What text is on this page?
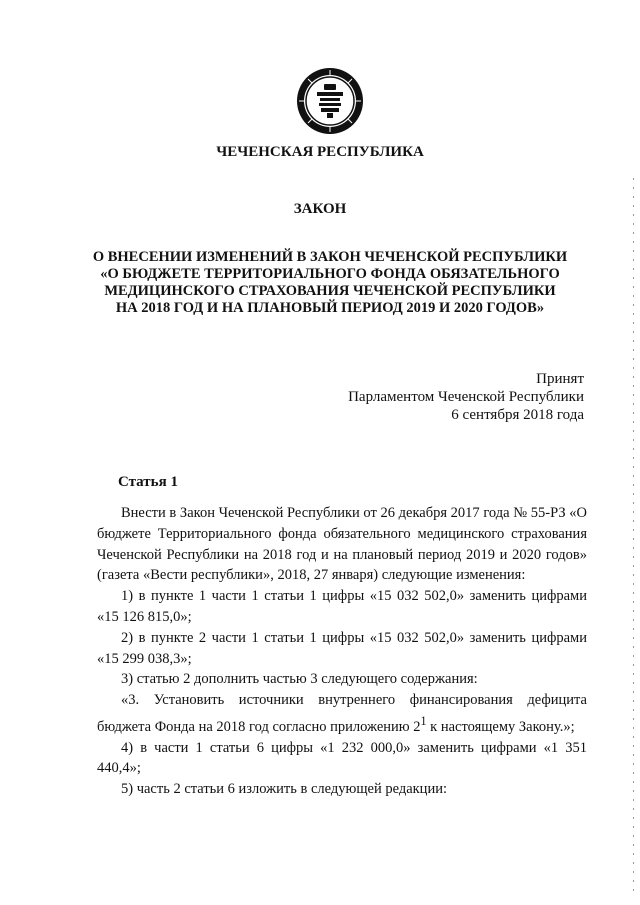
ЧЕЧЕНСКАЯ РЕСПУБЛИКА
ЗАКОН
О ВНЕСЕНИИ ИЗМЕНЕНИЙ В ЗАКОН ЧЕЧЕНСКОЙ РЕСПУБЛИКИ
«О БЮДЖЕТЕ ТЕРРИТОРИАЛЬНОГО ФОНДА ОБЯЗАТЕЛЬНОГО
МЕДИЦИНСКОГО СТРАХОВАНИЯ ЧЕЧЕНСКОЙ РЕСПУБЛИКИ
НА 2018 ГОД И НА ПЛАНОВЫЙ ПЕРИОД 2019 И 2020 ГОДОВ»
Принят
Парламентом Чеченской Республики
6 сентября 2018 года
Статья 1

Внести в Закон Чеченской Республики от 26 декабря 2017 года № 55-РЗ «О бюджете Территориального фонда обязательного медицинского страхования Чеченской Республики на 2018 год и на плановый период 2019 и 2020 годов» (газета «Вести республики», 2018, 27 января) следующие изменения:

1) в пункте 1 части 1 статьи 1 цифры «15 032 502,0» заменить цифрами «15 126 815,0»;

2) в пункте 2 части 1 статьи 1 цифры «15 032 502,0» заменить цифрами «15 299 038,3»;

3) статью 2 дополнить частью 3 следующего содержания:

«3. Установить источники внутреннего финансирования дефицита бюджета Фонда на 2018 год согласно приложению $2^1$ к настоящему Закону.»;

4) в части 1 статьи 6 цифры «1 232 000,0» заменить цифрами «1 351 440,4»;

5) часть 2 статьи 6 изложить в следующей редакции:
